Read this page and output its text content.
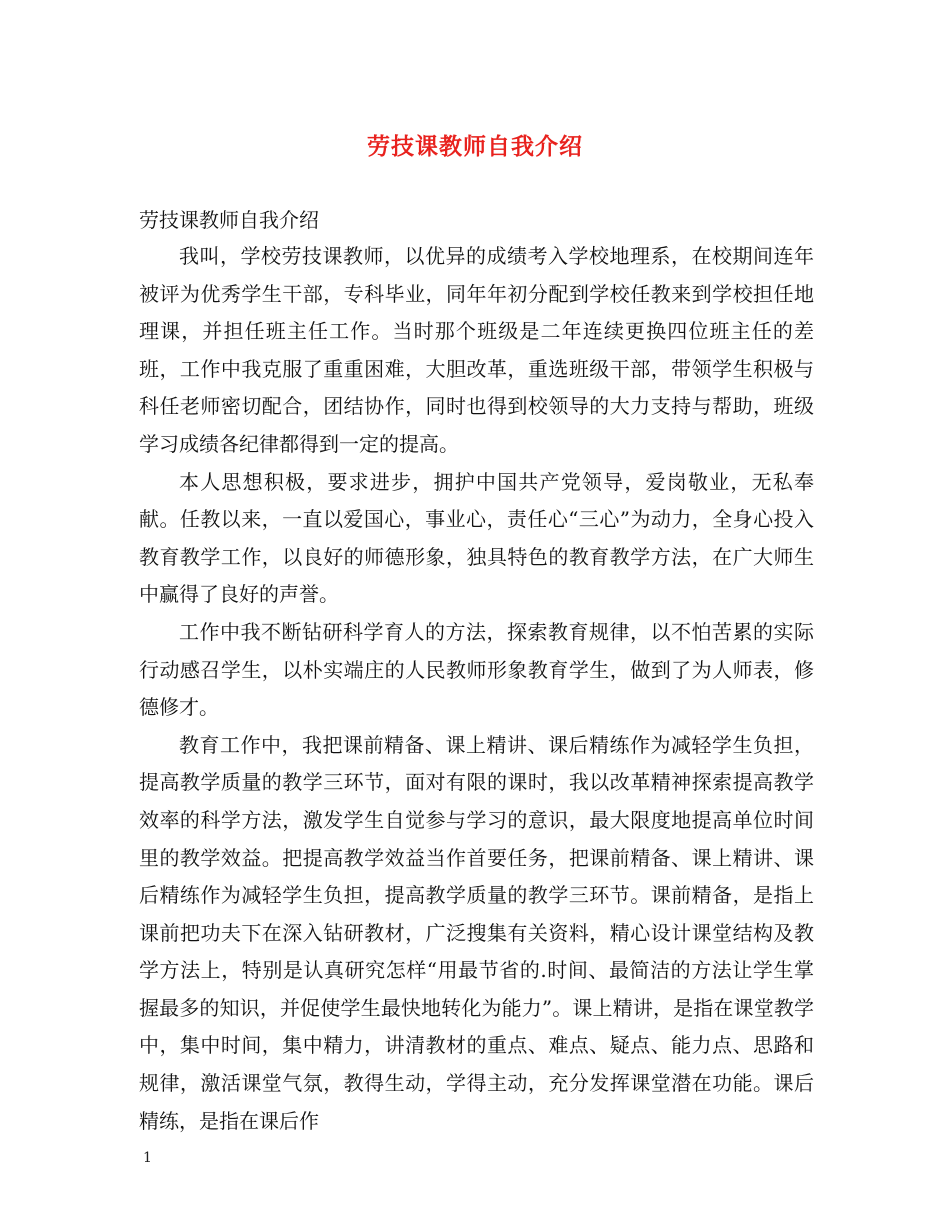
劳技课教师自我介绍

劳技课教师自我介绍

我叫，学校劳技课教师，以优异的成绩考入学校地理系，在校期间连年被评为优秀学生干部，专科毕业，同年年初分配到学校任教来到学校担任地理课，并担任班主任工作。当时那个班级是二年连续更换四位班主任的差班，工作中我克服了重重困难，大胆改革，重选班级干部，带领学生积极与科任老师密切配合，团结协作，同时也得到校领导的大力支持与帮助，班级学习成绩各纪律都得到一定的提高。

本人思想积极，要求进步，拥护中国共产党领导，爱岗敬业，无私奉献。任教以来，一直以爱国心，事业心，责任心“三心”为动力，全身心投入教育教学工作，以良好的师德形象，独具特色的教育教学方法，在广大师生中赢得了良好的声誉。

工作中我不断钻研科学育人的方法，探索教育规律，以不怕苦累的实际行动感召学生，以朴实端庄的人民教师形象教育学生，做到了为人师表，修德修才。

教育工作中，我把课前精备、课上精讲、课后精练作为减轻学生负担，提高教学质量的教学三环节，面对有限的课时，我以改革精神探索提高教学效率的科学方法，激发学生自觉参与学习的意识，最大限度地提高单位时间里的教学效益。把提高教学效益当作首要任务，把课前精备、课上精讲、课后精练作为减轻学生负担，提高教学质量的教学三环节。课前精备，是指上课前把功夫下在深入钻研教材，广泛搜集有关资料，精心设计课堂结构及教学方法上，特别是认真研究怎样“用最节省的.时间、最简洁的方法让学生掌握最多的知识，并促使学生最快地转化为能力”。课上精讲，是指在课堂教学中，集中时间，集中精力，讲清教材的重点、难点、疑点、能力点、思路和规律，激活课堂气氛，教得生动，学得主动，充分发挥课堂潜在功能。课后精练，是指在课后作

1
